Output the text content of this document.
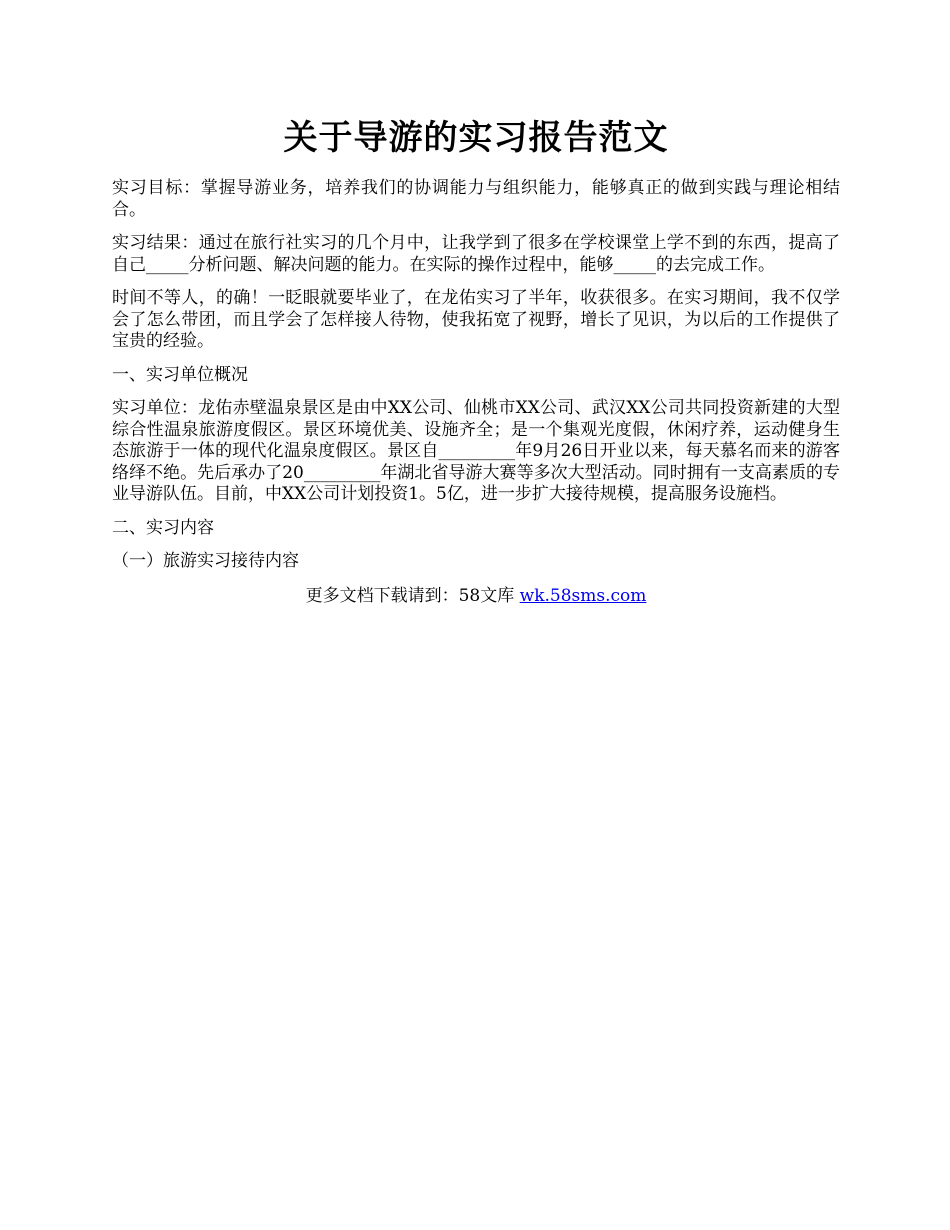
关于导游的实习报告范文

实习目标：掌握导游业务，培养我们的协调能力与组织能力，能够真正的做到实践与理论相结合。

实习结果：通过在旅行社实习的几个月中，让我学到了很多在学校课堂上学不到的东西，提高了自己_____分析问题、解决问题的能力。在实际的操作过程中，能够_____的去完成工作。

时间不等人，的确！一眨眼就要毕业了，在龙佑实习了半年，收获很多。在实习期间，我不仅学会了怎么带团，而且学会了怎样接人待物，使我拓宽了视野，增长了见识，为以后的工作提供了宝贵的经验。

一、实习单位概况

实习单位：龙佑赤壁温泉景区是由中XX公司、仙桃市XX公司、武汉XX公司共同投资新建的大型综合性温泉旅游度假区。景区环境优美、设施齐全；是一个集观光度假，休闲疗养，运动健身生态旅游于一体的现代化温泉度假区。景区自_________年9月26日开业以来，每天慕名而来的游客络绎不绝。先后承办了20_________年湖北省导游大赛等多次大型活动。同时拥有一支高素质的专业导游队伍。目前，中XX公司计划投资1。5亿，进一步扩大接待规模，提高服务设施档。

二、实习内容

（一）旅游实习接待内容

更多文档下载请到：58文库 wk.58sms.com
